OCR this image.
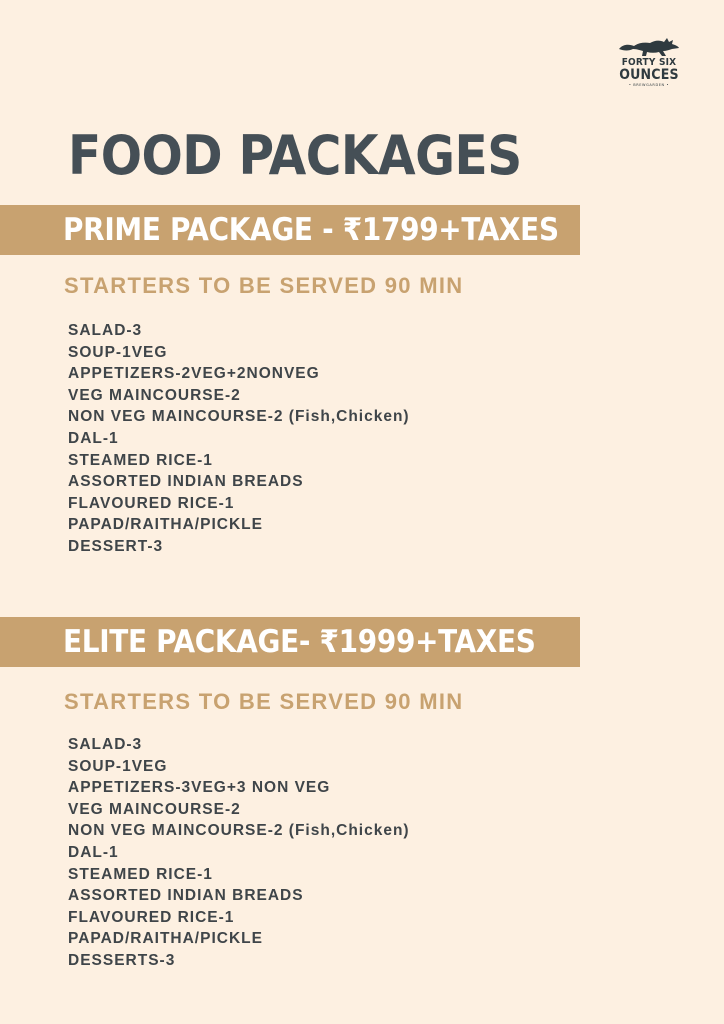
FORTY SIX
OUNCES
• BREWGARDEN •
FOOD PACKAGES
PRIME PACKAGE - ₹1799+TAXES

STARTERS TO BE SERVED 90 MIN

SALAD-3
SOUP-1VEG
APPETIZERS-2VEG+2NONVEG
VEG MAINCOURSE-2
NON VEG MAINCOURSE-2 (Fish,Chicken)
DAL-1
STEAMED RICE-1
ASSORTED INDIAN BREADS
FLAVOURED RICE-1
PAPAD/RAITHA/PICKLE
DESSERT-3
ELITE PACKAGE- ₹1999+TAXES

STARTERS TO BE SERVED 90 MIN

SALAD-3
SOUP-1VEG
APPETIZERS-3VEG+3 NON VEG
VEG MAINCOURSE-2
NON VEG MAINCOURSE-2 (Fish,Chicken)
DAL-1
STEAMED RICE-1
ASSORTED INDIAN BREADS
FLAVOURED RICE-1
PAPAD/RAITHA/PICKLE
DESSERTS-3
